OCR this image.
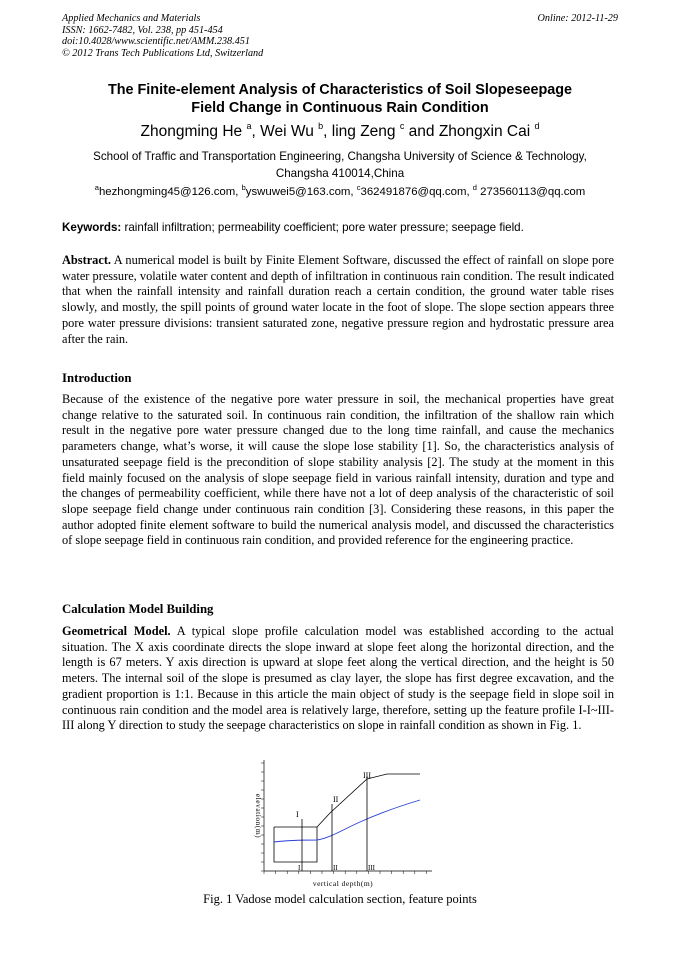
Applied Mechanics and Materials
ISSN: 1662-7482, Vol. 238, pp 451-454
doi:10.4028/www.scientific.net/AMM.238.451
© 2012 Trans Tech Publications Ltd, Switzerland
Online: 2012-11-29
The Finite-element Analysis of Characteristics of Soil Slopeseepage
Field Change in Continuous Rain Condition
Zhongming He $^a$, Wei Wu $^b$, ling Zeng $^c$ and Zhongxin Cai $^d$
School of Traffic and Transportation Engineering, Changsha University of Science & Technology,
Changsha 410014,China
$^a$hezhongming45@126.com, $^b$yswuwei5@163.com, $^c$362491876@qq.com, $^d$ 273560113@qq.com
Keywords: rainfall infiltration; permeability coefficient; pore water pressure; seepage field.
Abstract. A numerical model is built by Finite Element Software, discussed the effect of rainfall on slope pore water pressure, volatile water content and depth of infiltration in continuous rain condition. The result indicated that when the rainfall intensity and rainfall duration reach a certain condition, the ground water table rises slowly, and mostly, the spill points of ground water locate in the foot of slope. The slope section appears three pore water pressure divisions: transient saturated zone, negative pressure region and hydrostatic pressure area after the rain.
Introduction
Because of the existence of the negative pore water pressure in soil, the mechanical properties have great change relative to the saturated soil. In continuous rain condition, the infiltration of the shallow rain which result in the negative pore water pressure changed due to the long time rainfall, and cause the mechanics parameters change, what’s worse, it will cause the slope lose stability [1]. So, the characteristics analysis of unsaturated seepage field is the precondition of slope stability analysis [2]. The study at the moment in this field mainly focused on the analysis of slope seepage field in various rainfall intensity, duration and type and the changes of permeability coefficient, while there have not a lot of deep analysis of the characteristic of soil slope seepage field change under continuous rain condition [3]. Considering these reasons, in this paper the author adopted finite element software to build the numerical analysis model, and discussed the characteristics of slope seepage field in continuous rain condition, and provided reference for the engineering practice.
Calculation Model Building
Geometrical Model. A typical slope profile calculation model was established according to the actual situation. The X axis coordinate directs the slope inward at slope feet along the horizontal direction, and the length is 67 meters. Y axis direction is upward at slope feet along the vertical direction, and the height is 50 meters. The internal soil of the slope is presumed as clay layer, the slope has first degree excavation, and the gradient proportion is 1:1. Because in this article the main object of study is the seepage field in slope soil in continuous rain condition and the model area is relatively large, therefore, setting up the feature profile I-I~III-III along Y direction to study the seepage characteristics on slope in rainfall condition as shown in Fig. 1.
I
II
III
I	II	III
vertical depth(m)
elevation(m)
Fig. 1 Vadose model calculation section, feature points
